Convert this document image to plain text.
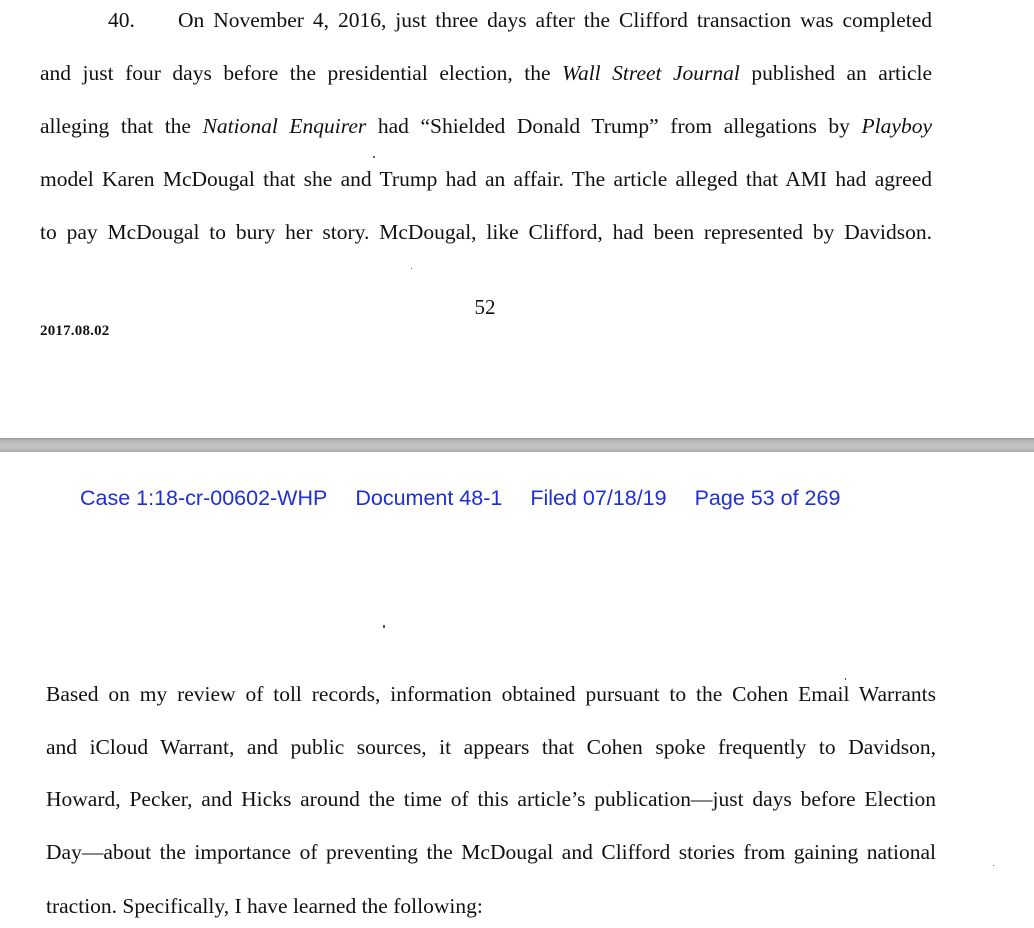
40.	On November 4, 2016, just three days after the Clifford transaction was completed
and just four days before the presidential election, the Wall Street Journal published an article
alleging that the National Enquirer had “Shielded Donald Trump” from allegations by Playboy
model Karen McDougal that she and Trump had an affair. The article alleged that AMI had agreed
to pay McDougal to bury her story. McDougal, like Clifford, had been represented by Davidson.
52
2017.08.02
Case 1:18-cr-00602-WHP Document 48-1 Filed 07/18/19 Page 53 of 269
Based on my review of toll records, information obtained pursuant to the Cohen Email Warrants
and iCloud Warrant, and public sources, it appears that Cohen spoke frequently to Davidson,
Howard, Pecker, and Hicks around the time of this article’s publication—just days before Election
Day—about the importance of preventing the McDougal and Clifford stories from gaining national
traction. Specifically, I have learned the following:
